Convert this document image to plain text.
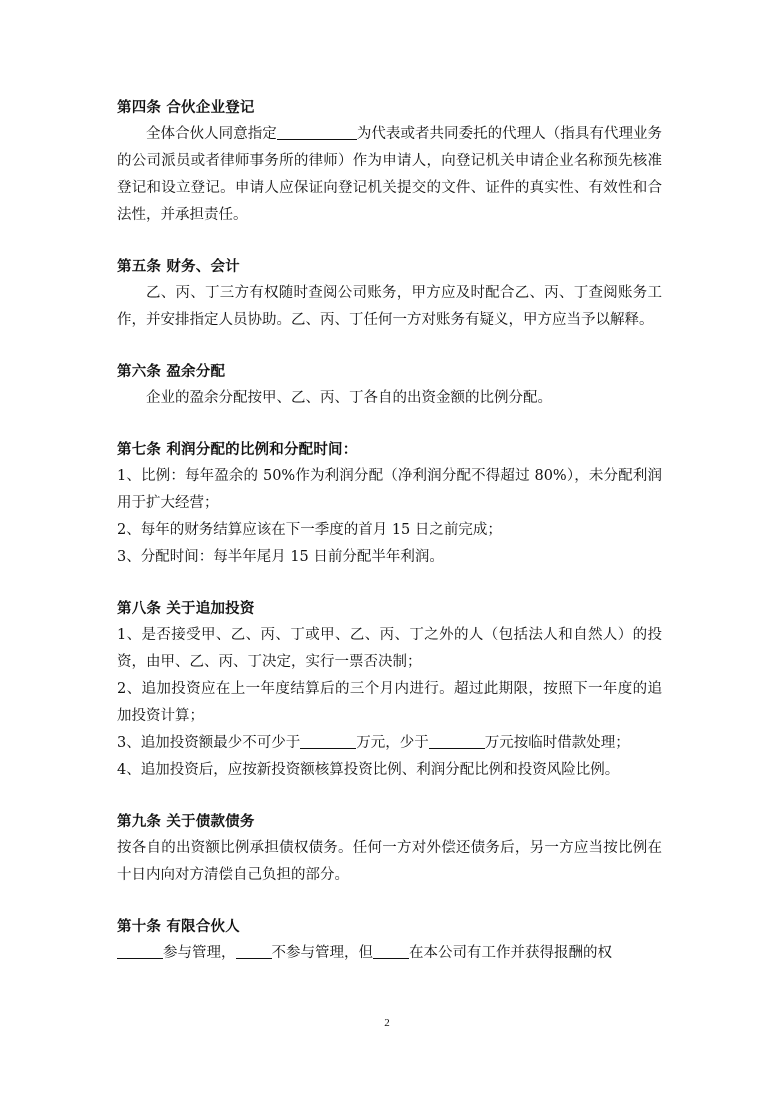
第四条 合伙企业登记

全体合伙人同意指定	为代表或者共同委托的代理人（指具有代理业务的公司派员或者律师事务所的律师）作为申请人，向登记机关申请企业名称预先核准登记和设立登记。申请人应保证向登记机关提交的文件、证件的真实性、有效性和合法性，并承担责任。

第五条 财务、会计

乙、丙、丁三方有权随时查阅公司账务，甲方应及时配合乙、丙、丁查阅账务工作，并安排指定人员协助。乙、丙、丁任何一方对账务有疑义，甲方应当予以解释。

第六条 盈余分配

企业的盈余分配按甲、乙、丙、丁各自的出资金额的比例分配。

第七条 利润分配的比例和分配时间：

1、比例：每年盈余的 50%作为利润分配（净利润分配不得超过 80%），未分配利润用于扩大经营；

2、每年的财务结算应该在下一季度的首月 15 日之前完成；

3、分配时间：每半年尾月 15 日前分配半年利润。

第八条 关于追加投资

1、是否接受甲、乙、丙、丁或甲、乙、丙、丁之外的人（包括法人和自然人）的投资，由甲、乙、丙、丁决定，实行一票否决制；

2、追加投资应在上一年度结算后的三个月内进行。超过此期限，按照下一年度的追加投资计算；

3、追加投资额最少不可少于	万元，少于	万元按临时借款处理；

4、追加投资后，应按新投资额核算投资比例、利润分配比例和投资风险比例。

第九条 关于债款债务

按各自的出资额比例承担债权债务。任何一方对外偿还债务后，另一方应当按比例在十日内向对方清偿自己负担的部分。

第十条 有限合伙人

参与管理， 不参与管理，但 在本公司有工作并获得报酬的权

2
